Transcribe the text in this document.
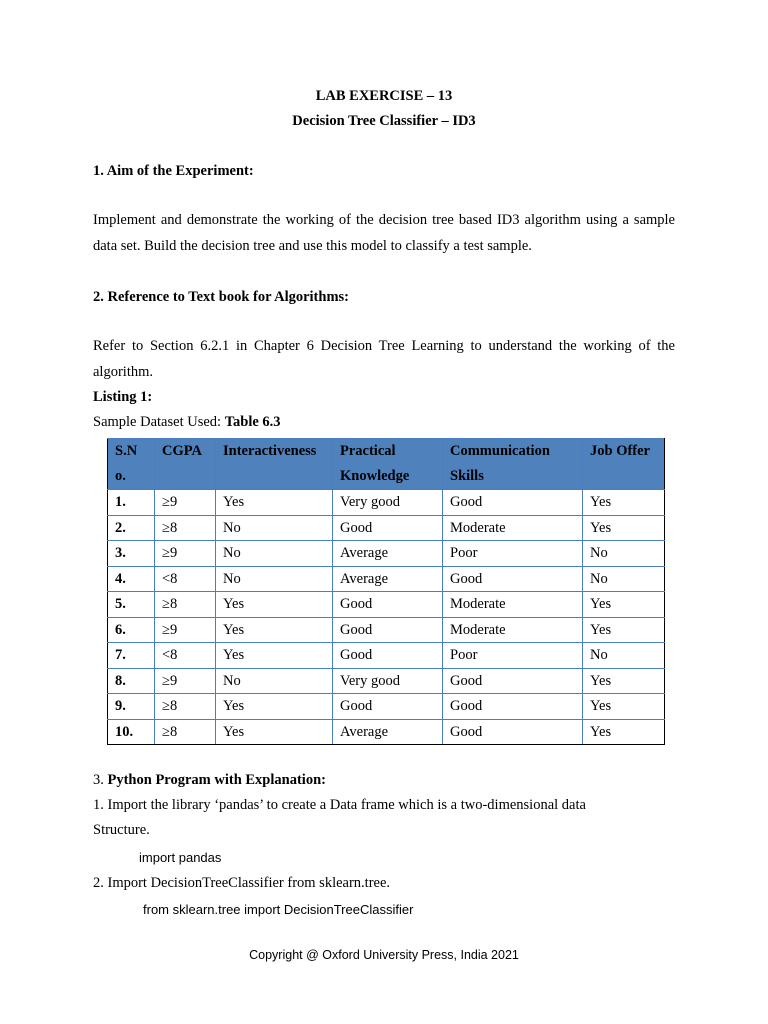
LAB EXERCISE – 13
Decision Tree Classifier – ID3
1. Aim of the Experiment:
Implement and demonstrate the working of the decision tree based ID3 algorithm using a sample data set. Build the decision tree and use this model to classify a test sample.
2. Reference to Text book for Algorithms:
Refer to Section 6.2.1 in Chapter 6 Decision Tree Learning to understand the working of the algorithm.
Listing 1:
Sample Dataset Used: Table 6.3
3. Python Program with Explanation:
1. Import the library ‘pandas’ to create a Data frame which is a two-dimensional data
Structure.
import pandas
2. Import DecisionTreeClassifier from sklearn.tree.
from sklearn.tree import DecisionTreeClassifier
S.N o.	CGPA	Interactiveness	Practical Knowledge	Communication Skills	Job Offer
1.	≥9	Yes	Very good	Good	Yes
2.	≥8	No	Good	Moderate	Yes
3.	≥9	No	Average	Poor	No
4.	<8	No	Average	Good	No
5.	≥8	Yes	Good	Moderate	Yes
6.	≥9	Yes	Good	Moderate	Yes
7.	<8	Yes	Good	Poor	No
8.	≥9	No	Very good	Good	Yes
9.	≥8	Yes	Good	Good	Yes
10.	≥8	Yes	Average	Good	Yes
Copyright @ Oxford University Press, India 2021
